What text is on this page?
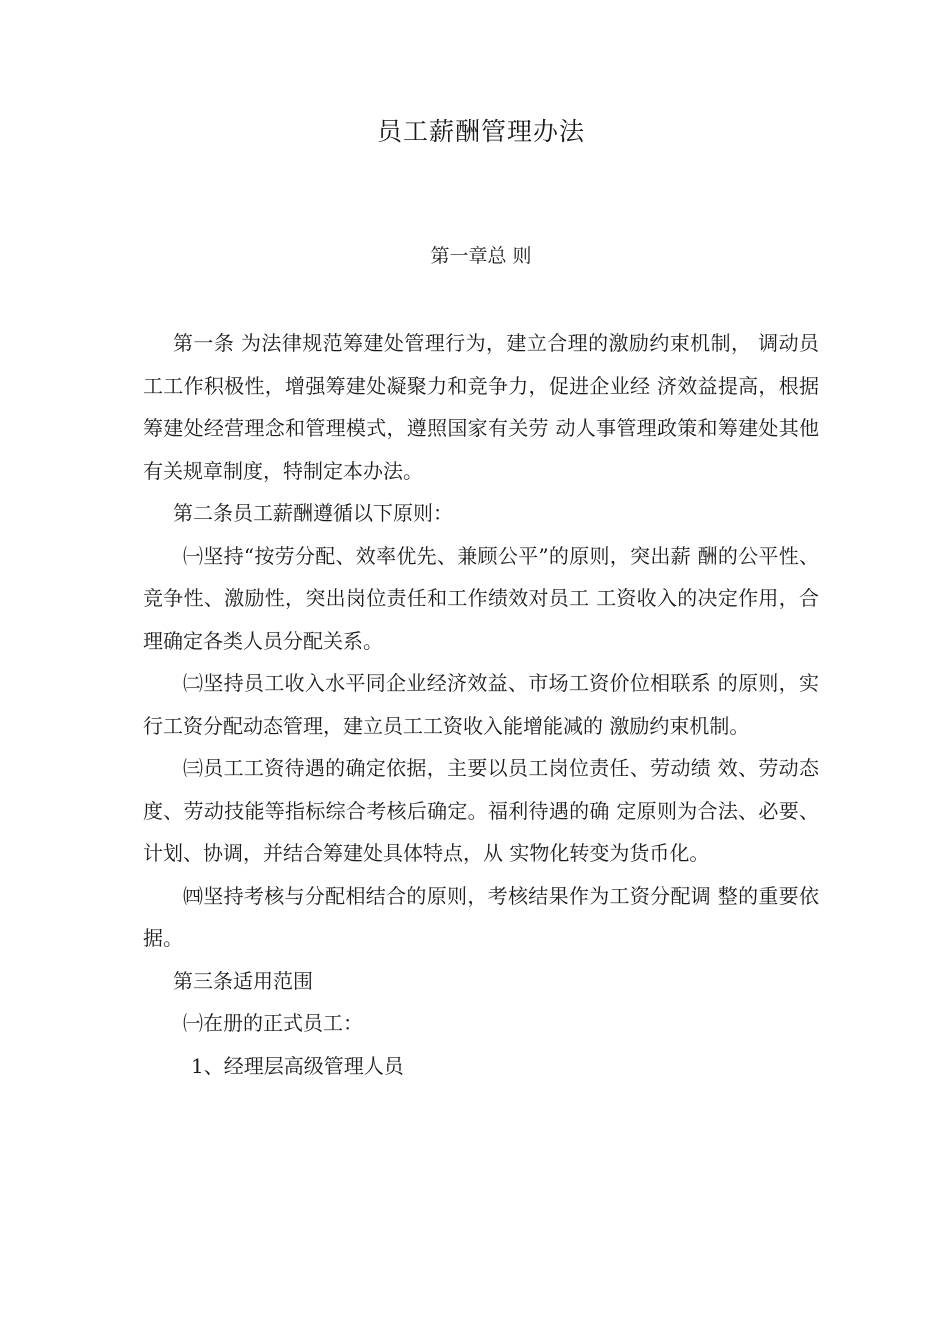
员工薪酬管理办法
第一章总 则

第一条 为法律规范筹建处管理行为，建立合理的激励约束机制， 调动员工工作积极性，增强筹建处凝聚力和竞争力，促进企业经 济效益提高，根据筹建处经营理念和管理模式，遵照国家有关劳 动人事管理政策和筹建处其他有关规章制度，特制定本办法。

第二条员工薪酬遵循以下原则：

㈠坚持“按劳分配、效率优先、兼顾公平”的原则，突出薪 酬的公平性、竞争性、激励性，突出岗位责任和工作绩效对员工 工资收入的决定作用，合理确定各类人员分配关系。

㈡坚持员工收入水平同企业经济效益、市场工资价位相联系 的原则，实行工资分配动态管理，建立员工工资收入能增能减的 激励约束机制。

㈢员工工资待遇的确定依据，主要以员工岗位责任、劳动绩 效、劳动态度、劳动技能等指标综合考核后确定。福利待遇的确 定原则为合法、必要、计划、协调，并结合筹建处具体特点，从 实物化转变为货币化。

㈣坚持考核与分配相结合的原则，考核结果作为工资分配调 整的重要依据。

第三条适用范围

㈠在册的正式员工：

1、经理层高级管理人员
